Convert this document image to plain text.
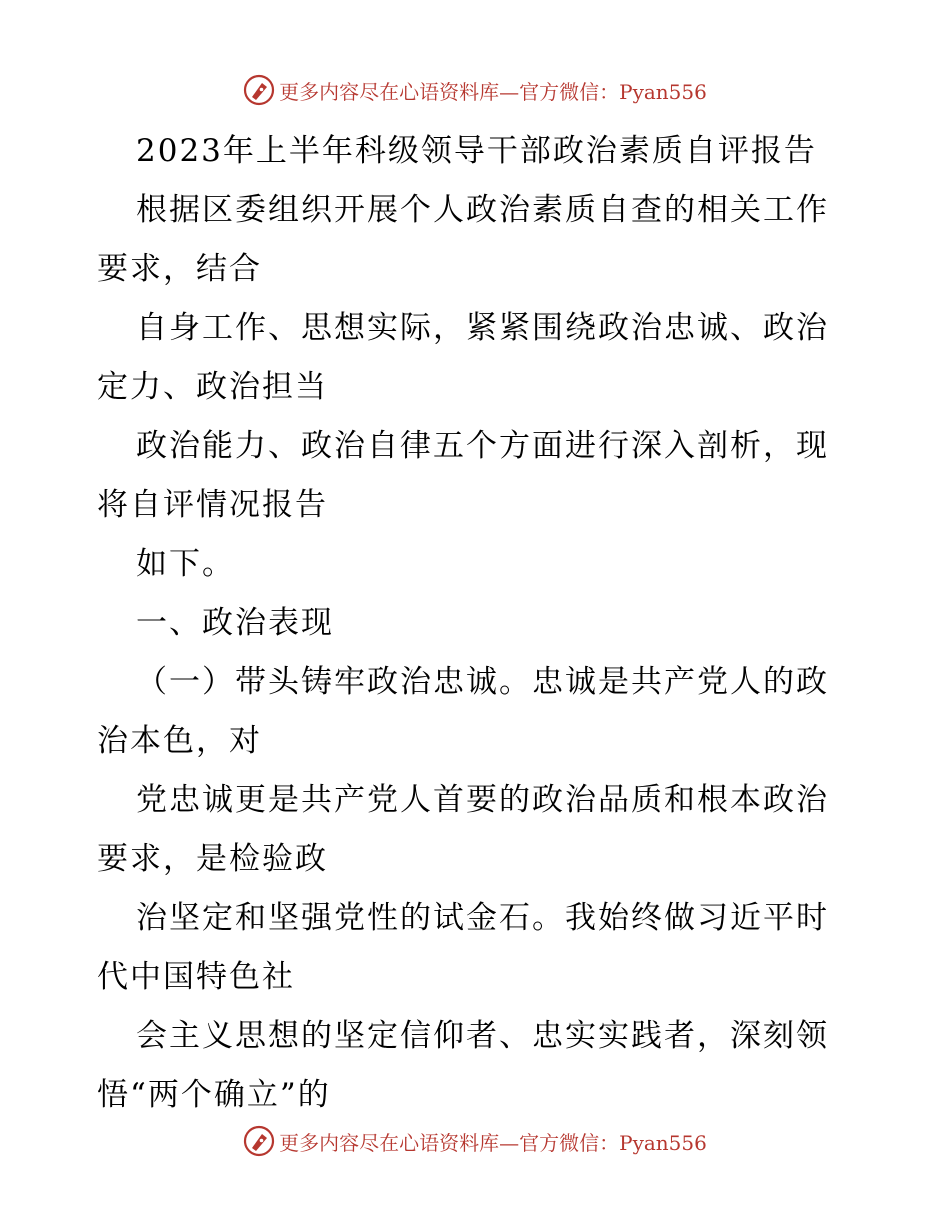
更多内容尽在心语资料库—官方微信：Pyan556
2023年上半年科级领导干部政治素质自评报告
根据区委组织开展个人政治素质自查的相关工作
要求，结合
自身工作、思想实际，紧紧围绕政治忠诚、政治
定力、政治担当
政治能力、政治自律五个方面进行深入剖析，现
将自评情况报告
如下。
一、政治表现
（一）带头铸牢政治忠诚。忠诚是共产党人的政
治本色，对
党忠诚更是共产党人首要的政治品质和根本政治
要求，是检验政
治坚定和坚强党性的试金石。我始终做习近平时
代中国特色社
会主义思想的坚定信仰者、忠实实践者，深刻领
悟“两个确立”的
更多内容尽在心语资料库—官方微信：Pyan556
